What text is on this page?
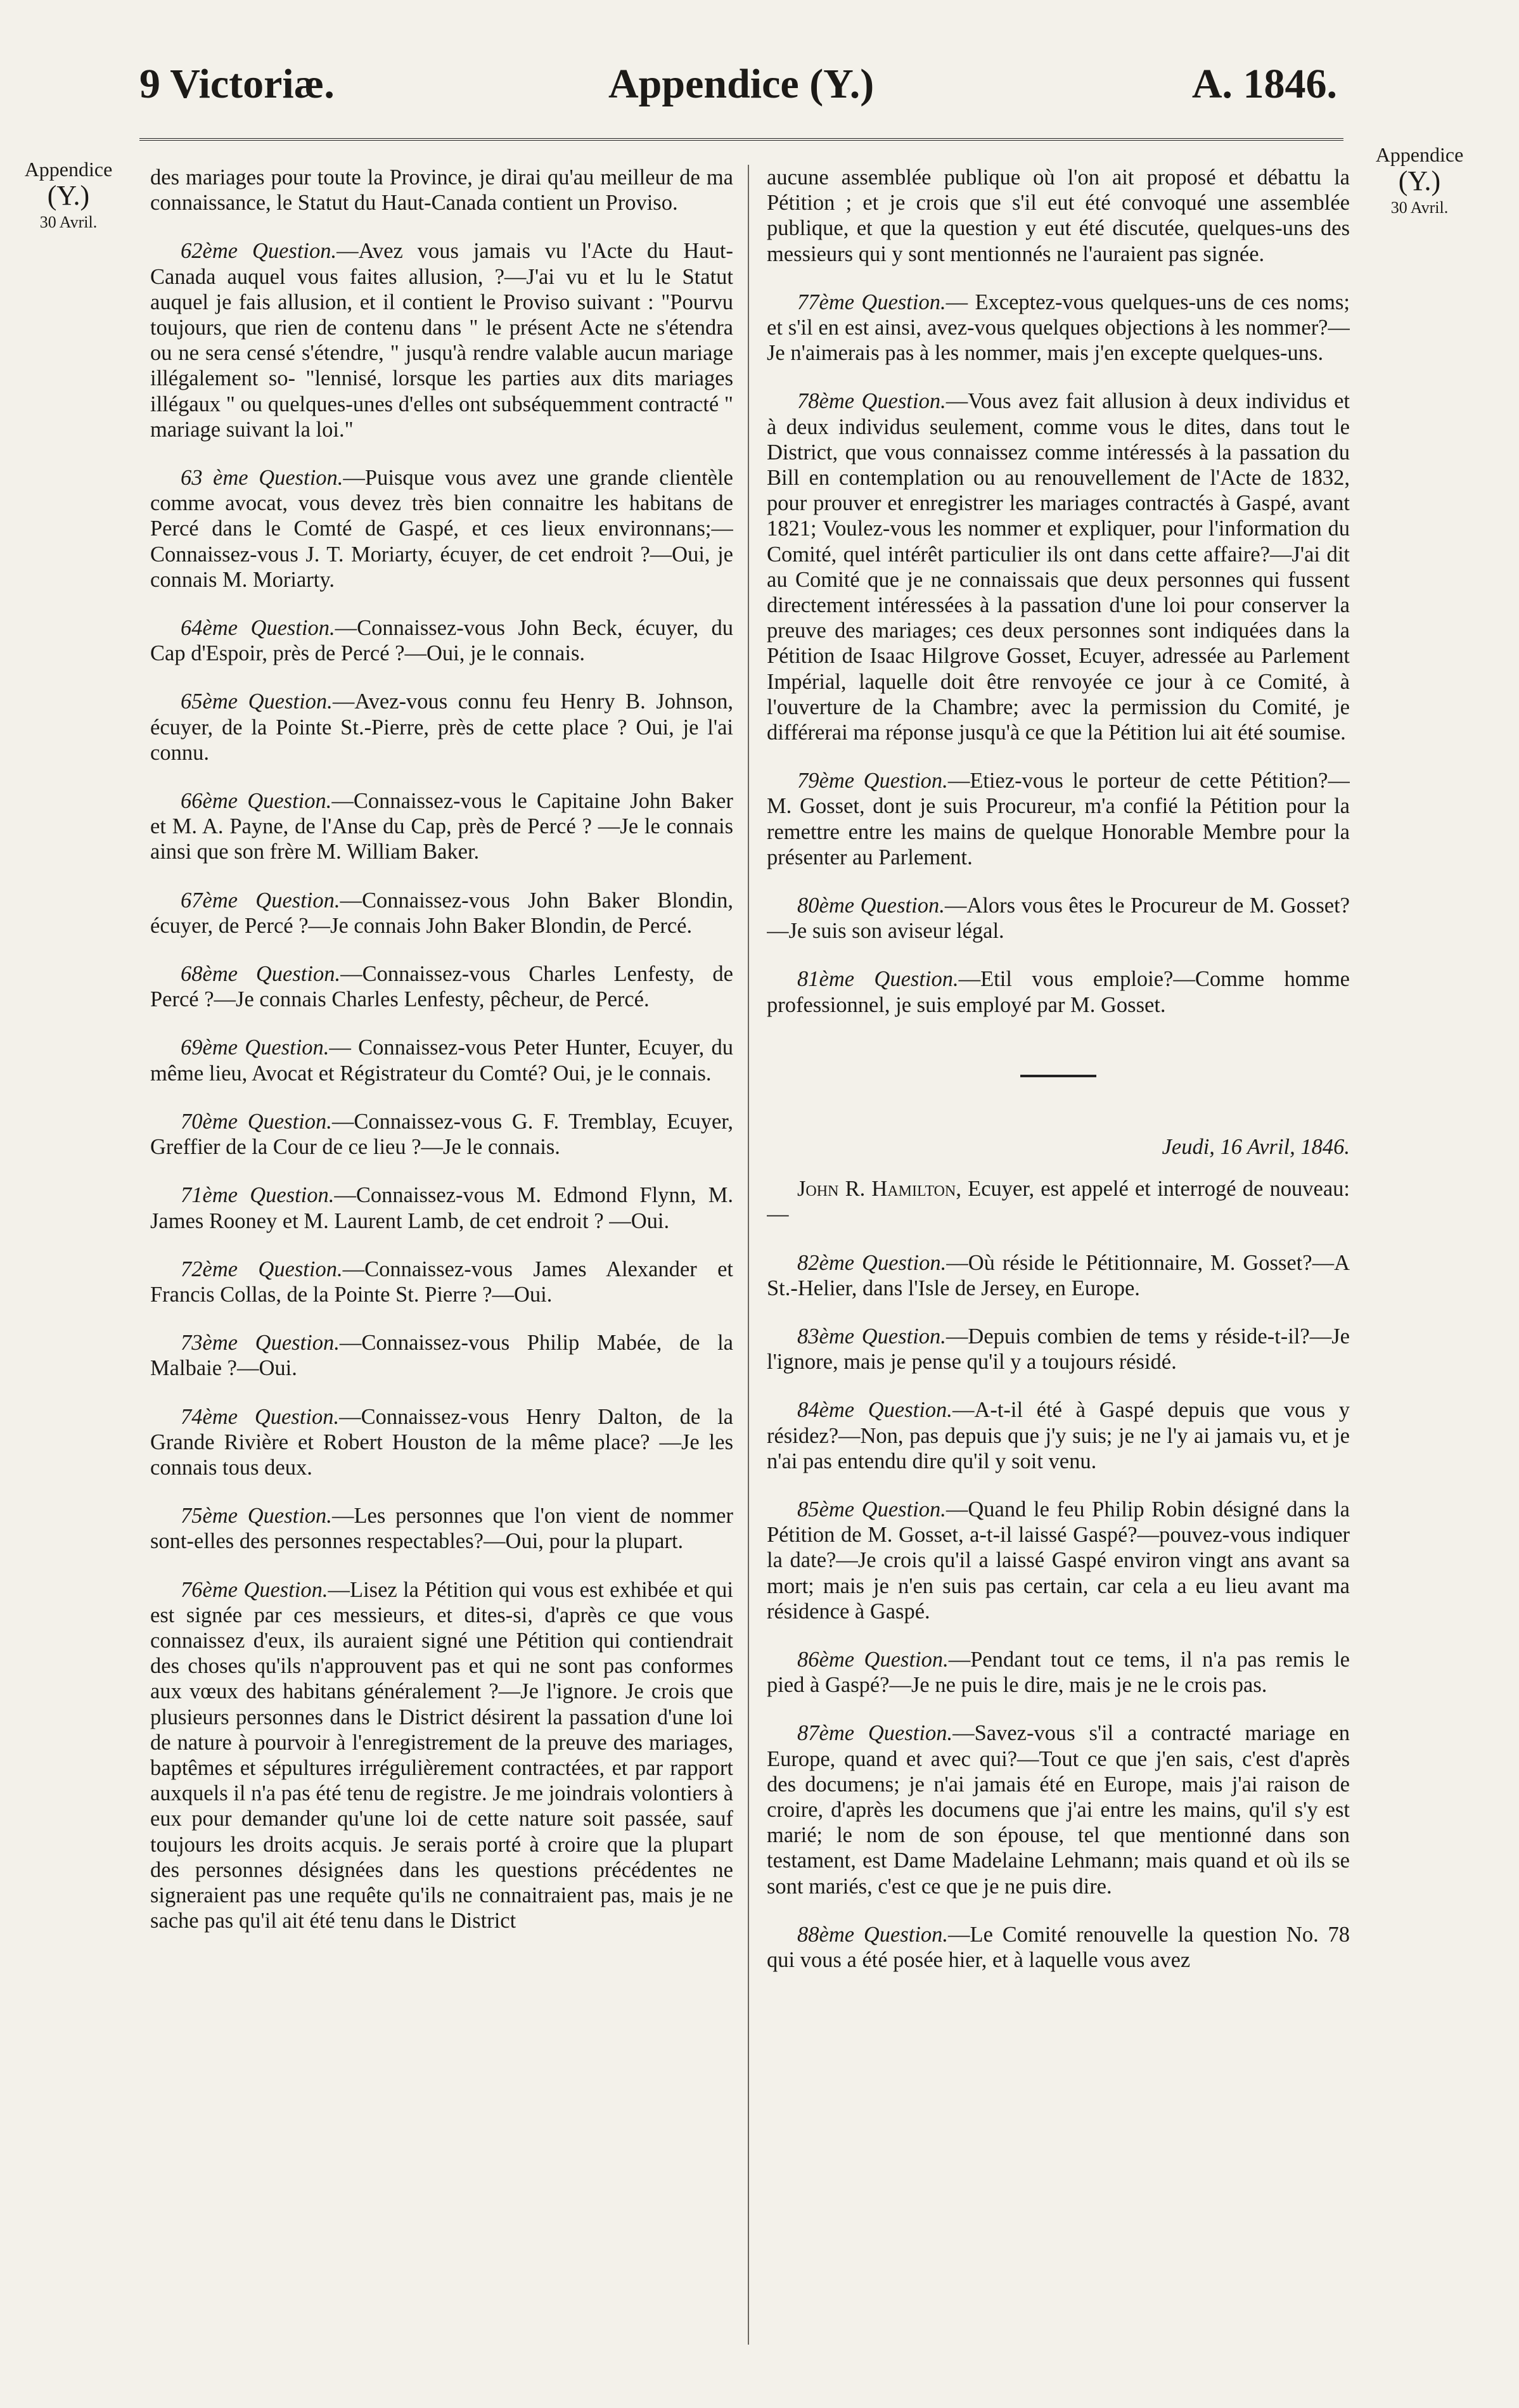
9 Victoriæ.	Appendice (Y.)	A. 1846.
Appendice
(Y.)
30 Avril.
Appendice
(Y.)
30 Avril.

des mariages pour toute la Province, je dirai qu'au meilleur de ma connaissance, le Statut du Haut-Canada contient un Proviso.

62ème Question.—Avez vous jamais vu l'Acte du Haut-Canada auquel vous faites allusion, ?—J'ai vu et lu le Statut auquel je fais allusion, et il contient le Proviso suivant : "Pourvu toujours, que rien de contenu dans " le présent Acte ne s'étendra ou ne sera censé s'étendre, " jusqu'à rendre valable aucun mariage illégalement so- "lennisé, lorsque les parties aux dits mariages illégaux " ou quelques-unes d'elles ont subséquemment contracté " mariage suivant la loi."

63 ème Question.—Puisque vous avez une grande clientèle comme avocat, vous devez très bien connaitre les habitans de Percé dans le Comté de Gaspé, et ces lieux environnans;—Connaissez-vous J. T. Moriarty, écuyer, de cet endroit ?—Oui, je connais M. Moriarty.

64ème Question.—Connaissez-vous John Beck, écuyer, du Cap d'Espoir, près de Percé ?—Oui, je le connais.

65ème Question.—Avez-vous connu feu Henry B. Johnson, écuyer, de la Pointe St.-Pierre, près de cette place ? Oui, je l'ai connu.

66ème Question.—Connaissez-vous le Capitaine John Baker et M. A. Payne, de l'Anse du Cap, près de Percé ? —Je le connais ainsi que son frère M. William Baker.

67ème Question.—Connaissez-vous John Baker Blondin, écuyer, de Percé ?—Je connais John Baker Blondin, de Percé.

68ème Question.—Connaissez-vous Charles Lenfesty, de Percé ?—Je connais Charles Lenfesty, pêcheur, de Percé.

69ème Question.— Connaissez-vous Peter Hunter, Ecuyer, du même lieu, Avocat et Régistrateur du Comté? Oui, je le connais.

70ème Question.—Connaissez-vous G. F. Tremblay, Ecuyer, Greffier de la Cour de ce lieu ?—Je le connais.

71ème Question.—Connaissez-vous M. Edmond Flynn, M. James Rooney et M. Laurent Lamb, de cet endroit ? —Oui.

72ème Question.—Connaissez-vous James Alexander et Francis Collas, de la Pointe St. Pierre ?—Oui.

73ème Question.—Connaissez-vous Philip Mabée, de la Malbaie ?—Oui.

74ème Question.—Connaissez-vous Henry Dalton, de la Grande Rivière et Robert Houston de la même place? —Je les connais tous deux.

75ème Question.—Les personnes que l'on vient de nommer sont-elles des personnes respectables?—Oui, pour la plupart.

76ème Question.—Lisez la Pétition qui vous est exhibée et qui est signée par ces messieurs, et dites-si, d'après ce que vous connaissez d'eux, ils auraient signé une Pétition qui contiendrait des choses qu'ils n'approuvent pas et qui ne sont pas conformes aux vœux des habitans généralement ?—Je l'ignore. Je crois que plusieurs personnes dans le District désirent la passation d'une loi de nature à pourvoir à l'enregistrement de la preuve des mariages, baptêmes et sépultures irrégulièrement contractées, et par rapport auxquels il n'a pas été tenu de registre. Je me joindrais volontiers à eux pour demander qu'une loi de cette nature soit passée, sauf toujours les droits acquis. Je serais porté à croire que la plupart des personnes désignées dans les questions précédentes ne signeraient pas une requête qu'ils ne connaitraient pas, mais je ne sache pas qu'il ait été tenu dans le District

aucune assemblée publique où l'on ait proposé et débattu la Pétition ; et je crois que s'il eut été convoqué une assemblée publique, et que la question y eut été discutée, quelques-uns des messieurs qui y sont mentionnés ne l'auraient pas signée.

77ème Question.— Exceptez-vous quelques-uns de ces noms; et s'il en est ainsi, avez-vous quelques objections à les nommer?—Je n'aimerais pas à les nommer, mais j'en excepte quelques-uns.

78ème Question.—Vous avez fait allusion à deux individus et à deux individus seulement, comme vous le dites, dans tout le District, que vous connaissez comme intéressés à la passation du Bill en contemplation ou au renouvellement de l'Acte de 1832, pour prouver et enregistrer les mariages contractés à Gaspé, avant 1821; Voulez-vous les nommer et expliquer, pour l'information du Comité, quel intérêt particulier ils ont dans cette affaire?—J'ai dit au Comité que je ne connaissais que deux personnes qui fussent directement intéressées à la passation d'une loi pour conserver la preuve des mariages; ces deux personnes sont indiquées dans la Pétition de Isaac Hilgrove Gosset, Ecuyer, adressée au Parlement Impérial, laquelle doit être renvoyée ce jour à ce Comité, à l'ouverture de la Chambre; avec la permission du Comité, je différerai ma réponse jusqu'à ce que la Pétition lui ait été soumise.

79ème Question.—Etiez-vous le porteur de cette Pétition?—M. Gosset, dont je suis Procureur, m'a confié la Pétition pour la remettre entre les mains de quelque Honorable Membre pour la présenter au Parlement.

80ème Question.—Alors vous êtes le Procureur de M. Gosset?—Je suis son aviseur légal.

81ème Question.—Etil vous emploie?—Comme homme professionnel, je suis employé par M. Gosset.

Jeudi, 16 Avril, 1846.

John R. Hamilton, Ecuyer, est appelé et interrogé de nouveau:—

82ème Question.—Où réside le Pétitionnaire, M. Gosset?—A St.-Helier, dans l'Isle de Jersey, en Europe.

83ème Question.—Depuis combien de tems y réside-t-il?—Je l'ignore, mais je pense qu'il y a toujours résidé.

84ème Question.—A-t-il été à Gaspé depuis que vous y résidez?—Non, pas depuis que j'y suis; je ne l'y ai jamais vu, et je n'ai pas entendu dire qu'il y soit venu.

85ème Question.—Quand le feu Philip Robin désigné dans la Pétition de M. Gosset, a-t-il laissé Gaspé?—pouvez-vous indiquer la date?—Je crois qu'il a laissé Gaspé environ vingt ans avant sa mort; mais je n'en suis pas certain, car cela a eu lieu avant ma résidence à Gaspé.

86ème Question.—Pendant tout ce tems, il n'a pas remis le pied à Gaspé?—Je ne puis le dire, mais je ne le crois pas.

87ème Question.—Savez-vous s'il a contracté mariage en Europe, quand et avec qui?—Tout ce que j'en sais, c'est d'après des documens; je n'ai jamais été en Europe, mais j'ai raison de croire, d'après les documens que j'ai entre les mains, qu'il s'y est marié; le nom de son épouse, tel que mentionné dans son testament, est Dame Madelaine Lehmann; mais quand et où ils se sont mariés, c'est ce que je ne puis dire.

88ème Question.—Le Comité renouvelle la question No. 78 qui vous a été posée hier, et à laquelle vous avez
